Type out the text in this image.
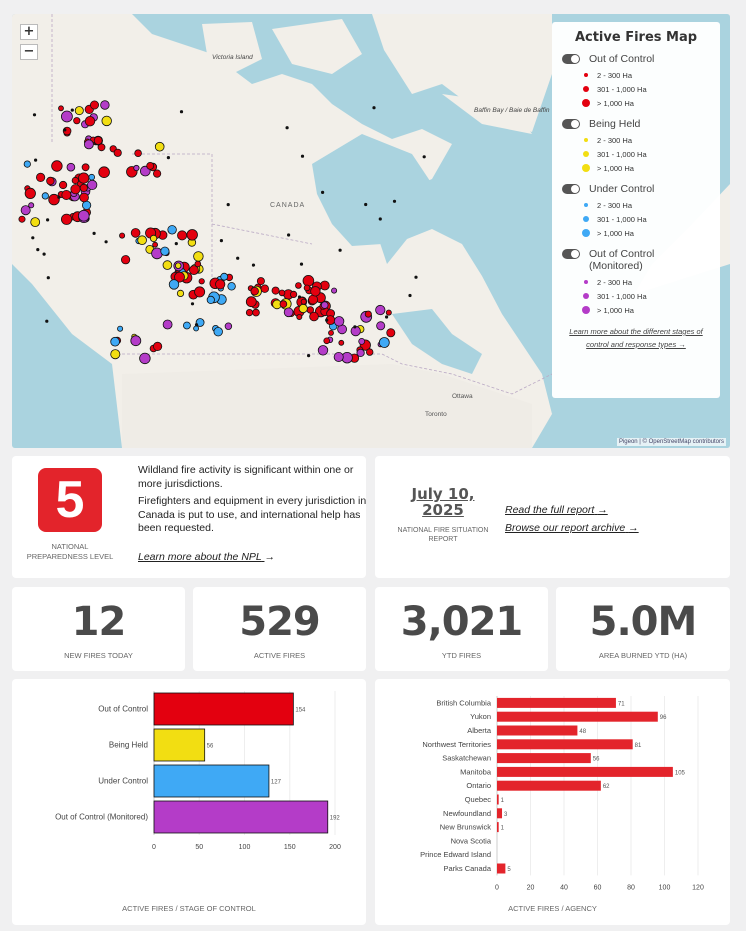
Victoria Island
Baffin Bay / Baie de Baffin
CANADA
Ottawa
Toronto
+
−
Active Fires Map
Out of Control
2 - 300 Ha
301 - 1,000 Ha
> 1,000 Ha
Being Held
2 - 300 Ha
301 - 1,000 Ha
> 1,000 Ha
Under Control
2 - 300 Ha
301 - 1,000 Ha
> 1,000 Ha
Out of Control (Monitored)
2 - 300 Ha
301 - 1,000 Ha
> 1,000 Ha
Learn more about the different stages of control and response types →
Pigeon | © OpenStreetMap contributors
5
NATIONAL PREPAREDNESS LEVEL

Wildland fire activity is significant within one or more jurisdictions.

Firefighters and equipment in every jurisdiction in Canada is put to use, and international help has been requested.

Learn more about the NPL →
July 10, 2025
NATIONAL FIRE SITUATION REPORT
Read the full report →
Browse our report archive →
12
NEW FIRES TODAY
529
ACTIVE FIRES
3,021
YTD FIRES
5.0M
AREA BURNED YTD (HA)
0	50	100	150	200
Out of Control	154
Being Held	56
Under Control	127
Out of Control (Monitored)	192
ACTIVE FIRES / STAGE OF CONTROL
0	20	40	60	80	100	120
British Columbia	71
Yukon	96
Alberta	48
Northwest Territories	81
Saskatchewan	56
Manitoba	105
Ontario	62
Quebec 1
Newfoundland 3
New Brunswick 1
Nova Scotia
Prince Edward Island
Parks Canada	5
ACTIVE FIRES / AGENCY
